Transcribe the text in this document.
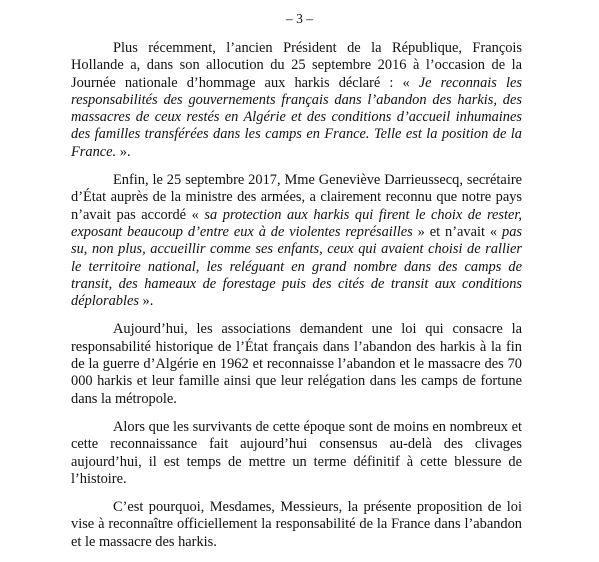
– 3 –

Plus récemment, l’ancien Président de la République, François Hollande a, dans son allocution du 25 septembre 2016 à l’occasion de la Journée nationale d’hommage aux harkis déclaré : « Je reconnais les responsabilités des gouvernements français dans l’abandon des harkis, des massacres de ceux restés en Algérie et des conditions d’accueil inhumaines des familles transférées dans les camps en France. Telle est la position de la France. ».

Enfin, le 25 septembre 2017, Mme Geneviève Darrieussecq, secrétaire d’État auprès de la ministre des armées, a clairement reconnu que notre pays n’avait pas accordé « sa protection aux harkis qui firent le choix de rester, exposant beaucoup d’entre eux à de violentes représailles » et n’avait « pas su, non plus, accueillir comme ses enfants, ceux qui avaient choisi de rallier le territoire national, les reléguant en grand nombre dans des camps de transit, des hameaux de forestage puis des cités de transit aux conditions déplorables ».

Aujourd’hui, les associations demandent une loi qui consacre la responsabilité historique de l’État français dans l’abandon des harkis à la fin de la guerre d’Algérie en 1962 et reconnaisse l’abandon et le massacre des 70 000 harkis et leur famille ainsi que leur relégation dans les camps de fortune dans la métropole.

Alors que les survivants de cette époque sont de moins en nombreux et cette reconnaissance fait aujourd’hui consensus au-delà des clivages aujourd’hui, il est temps de mettre un terme définitif à cette blessure de l’histoire.

C’est pourquoi, Mesdames, Messieurs, la présente proposition de loi vise à reconnaître officiellement la responsabilité de la France dans l’abandon et le massacre des harkis.
